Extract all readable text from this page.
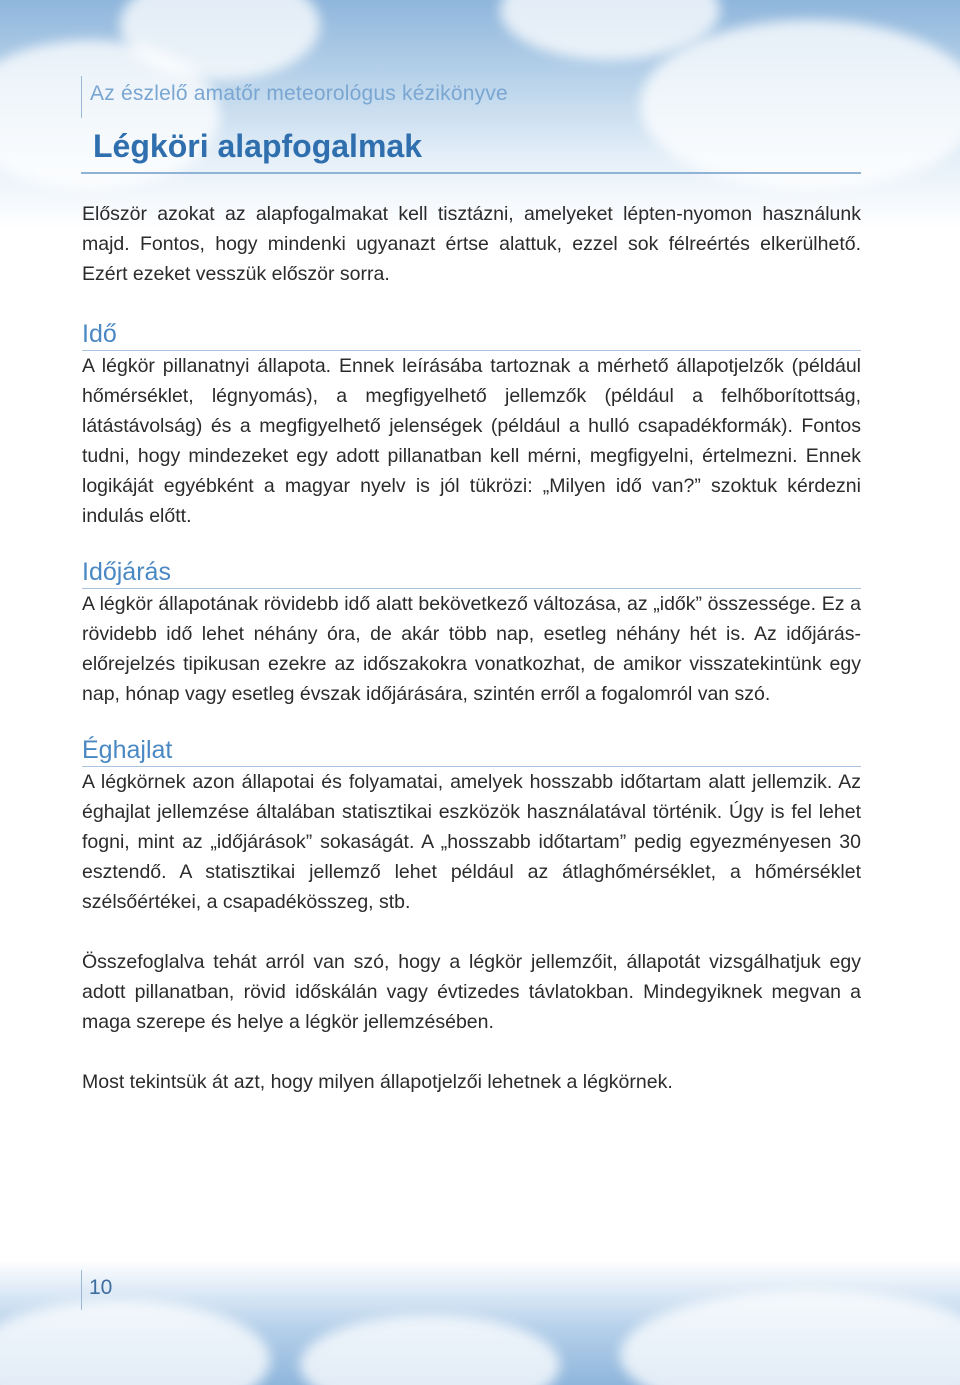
Az észlelő amatőr meteorológus kézikönyve
Légköri alapfogalmak

Először azokat az alapfogalmakat kell tisztázni, amelyeket lépten-nyomon használunk majd. Fontos, hogy mindenki ugyanazt értse alattuk, ezzel sok félreértés elkerülhető. Ezért ezeket vesszük először sorra.

Idő

A légkör pillanatnyi állapota. Ennek leírásába tartoznak a mérhető állapotjelzők (például hőmérséklet, légnyomás), a megfigyelhető jellemzők (például a felhőborítottság, látástávolság) és a megfigyelhető jelenségek (például a hulló csapadékformák). Fontos tudni, hogy mindezeket egy adott pillanatban kell mérni, megfigyelni, értelmezni. Ennek logikáját egyébként a magyar nyelv is jól tükrözi: „Milyen idő van?” szoktuk kérdezni indulás előtt.

Időjárás

A légkör állapotának rövidebb idő alatt bekövetkező változása, az „idők” összessége. Ez a rövidebb idő lehet néhány óra, de akár több nap, esetleg néhány hét is. Az időjárás-előrejelzés tipikusan ezekre az időszakokra vonatkozhat, de amikor visszatekintünk egy nap, hónap vagy esetleg évszak időjárására, szintén erről a fogalomról van szó.

Éghajlat

A légkörnek azon állapotai és folyamatai, amelyek hosszabb időtartam alatt jellemzik. Az éghajlat jellemzése általában statisztikai eszközök használatával történik. Úgy is fel lehet fogni, mint az „időjárások” sokaságát. A „hosszabb időtartam” pedig egyezményesen 30 esztendő. A statisztikai jellemző lehet például az átlaghőmérséklet, a hőmérséklet szélsőértékei, a csapadékösszeg, stb.

Összefoglalva tehát arról van szó, hogy a légkör jellemzőit, állapotát vizsgálhatjuk egy adott pillanatban, rövid időskálán vagy évtizedes távlatokban. Mindegyiknek megvan a maga szerepe és helye a légkör jellemzésében.

Most tekintsük át azt, hogy milyen állapotjelzői lehetnek a légkörnek.

10
